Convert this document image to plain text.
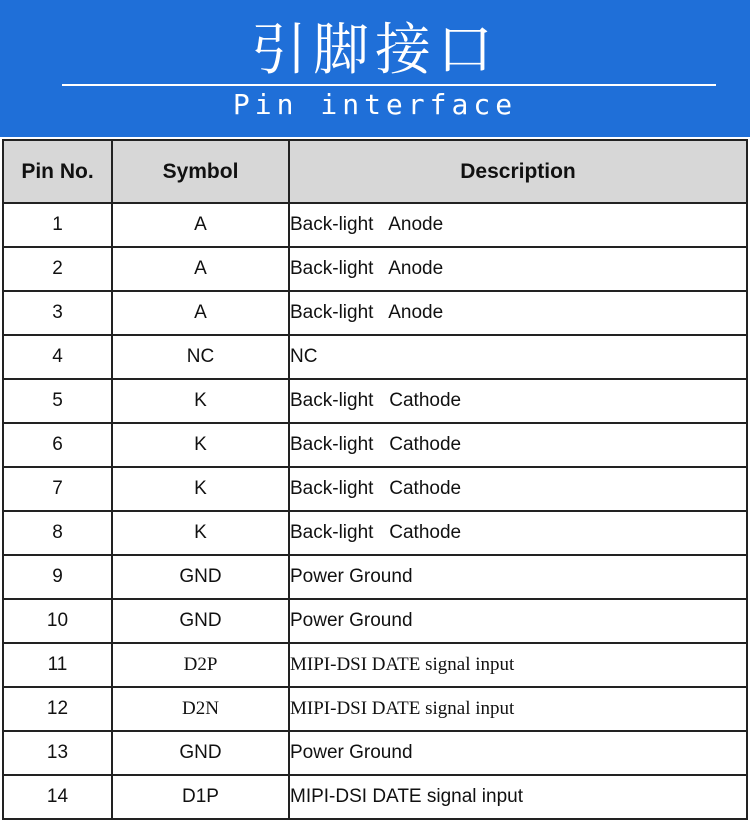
引脚接口
Pin interface
Pin No.	Symbol	Description
1	A	Back-light   Anode
2	A	Back-light   Anode
3	A	Back-light   Anode
4	NC	NC
5	K	Back-light   Cathode
6	K	Back-light   Cathode
7	K	Back-light   Cathode
8	K	Back-light   Cathode
9	GND	Power Ground
10	GND	Power Ground
11	D2P	MIPI-DSI DATE signal input
12	D2N	MIPI-DSI DATE signal input
13	GND	Power Ground
14	D1P	MIPI-DSI DATE signal input
